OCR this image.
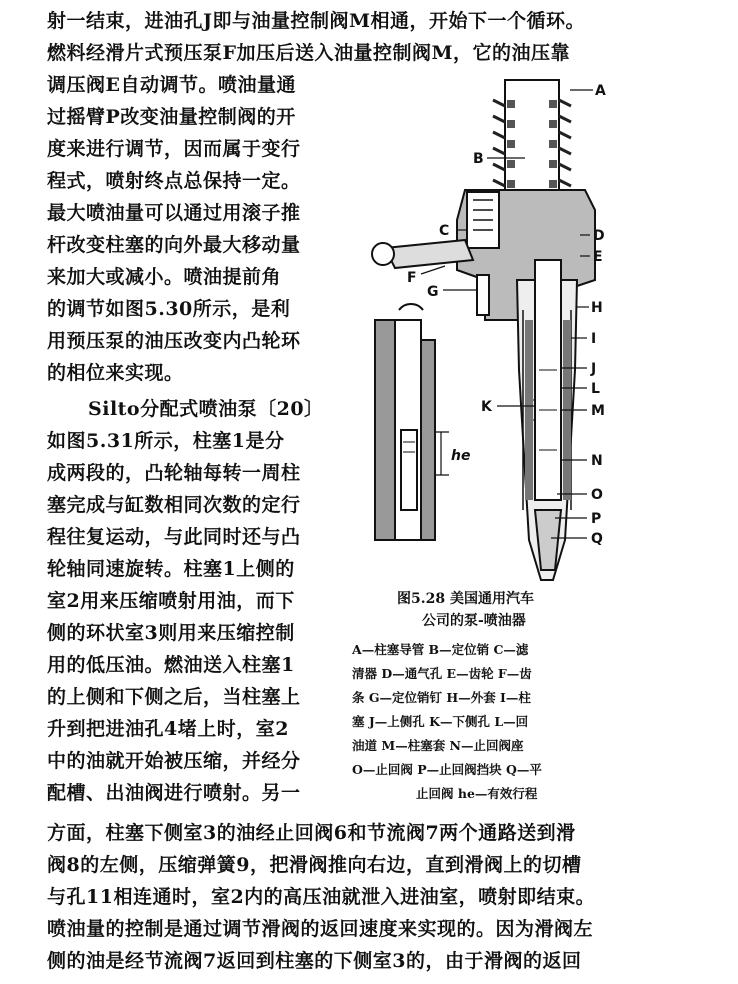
射一结束，进油孔J即与油量控制阀M相通，开始下一个循环。
燃料经滑片式预压泵F加压后送入油量控制阀M，它的油压靠
调压阀E自动调节。喷油量通
过摇臂P改变油量控制阀的开
度来进行调节，因而属于变行
程式，喷射终点总保持一定。
最大喷油量可以通过用滚子推
杆改变柱塞的向外最大移动量
来加大或减小。喷油提前角
的调节如图5.30所示，是利
用预压泵的油压改变内凸轮环
的相位来实现。
Silto分配式喷油泵〔20〕
如图5.31所示，柱塞1是分
成两段的，凸轮轴每转一周柱
塞完成与缸数相同次数的定行
程往复运动，与此同时还与凸
轮轴同速旋转。柱塞1上侧的
室2用来压缩喷射用油，而下
侧的环状室3则用来压缩控制
用的低压油。燃油送入柱塞1
的上侧和下侧之后，当柱塞上
升到把进油孔4堵上时，室2
中的油就开始被压缩，并经分
配槽、出油阀进行喷射。另一
方面，柱塞下侧室3的油经止回阀6和节流阀7两个通路送到滑
阀8的左侧，压缩弹簧9，把滑阀推向右边，直到滑阀上的切槽
与孔11相连通时，室2内的高压油就泄入进油室，喷射即结束。
喷油量的控制是通过调节滑阀的返回速度来实现的。因为滑阀左
侧的油是经节流阀7返回到柱塞的下侧室3的，由于滑阀的返回
A
B
C	D
E
F
G
H
I
J
K
L
M
N
O
P
Q
he
图5.28 美国通用汽车
公司的泵-喷油器
A—柱塞导管 B—定位销 C—滤
清器 D—通气孔 E—齿轮 F—齿
条 G—定位销钉 H—外套 I—柱
塞 J—上侧孔 K—下侧孔 L—回
油道 M—柱塞套 N—止回阀座
O—止回阀 P—止回阀挡块 Q—平
止回阀 he—有效行程
